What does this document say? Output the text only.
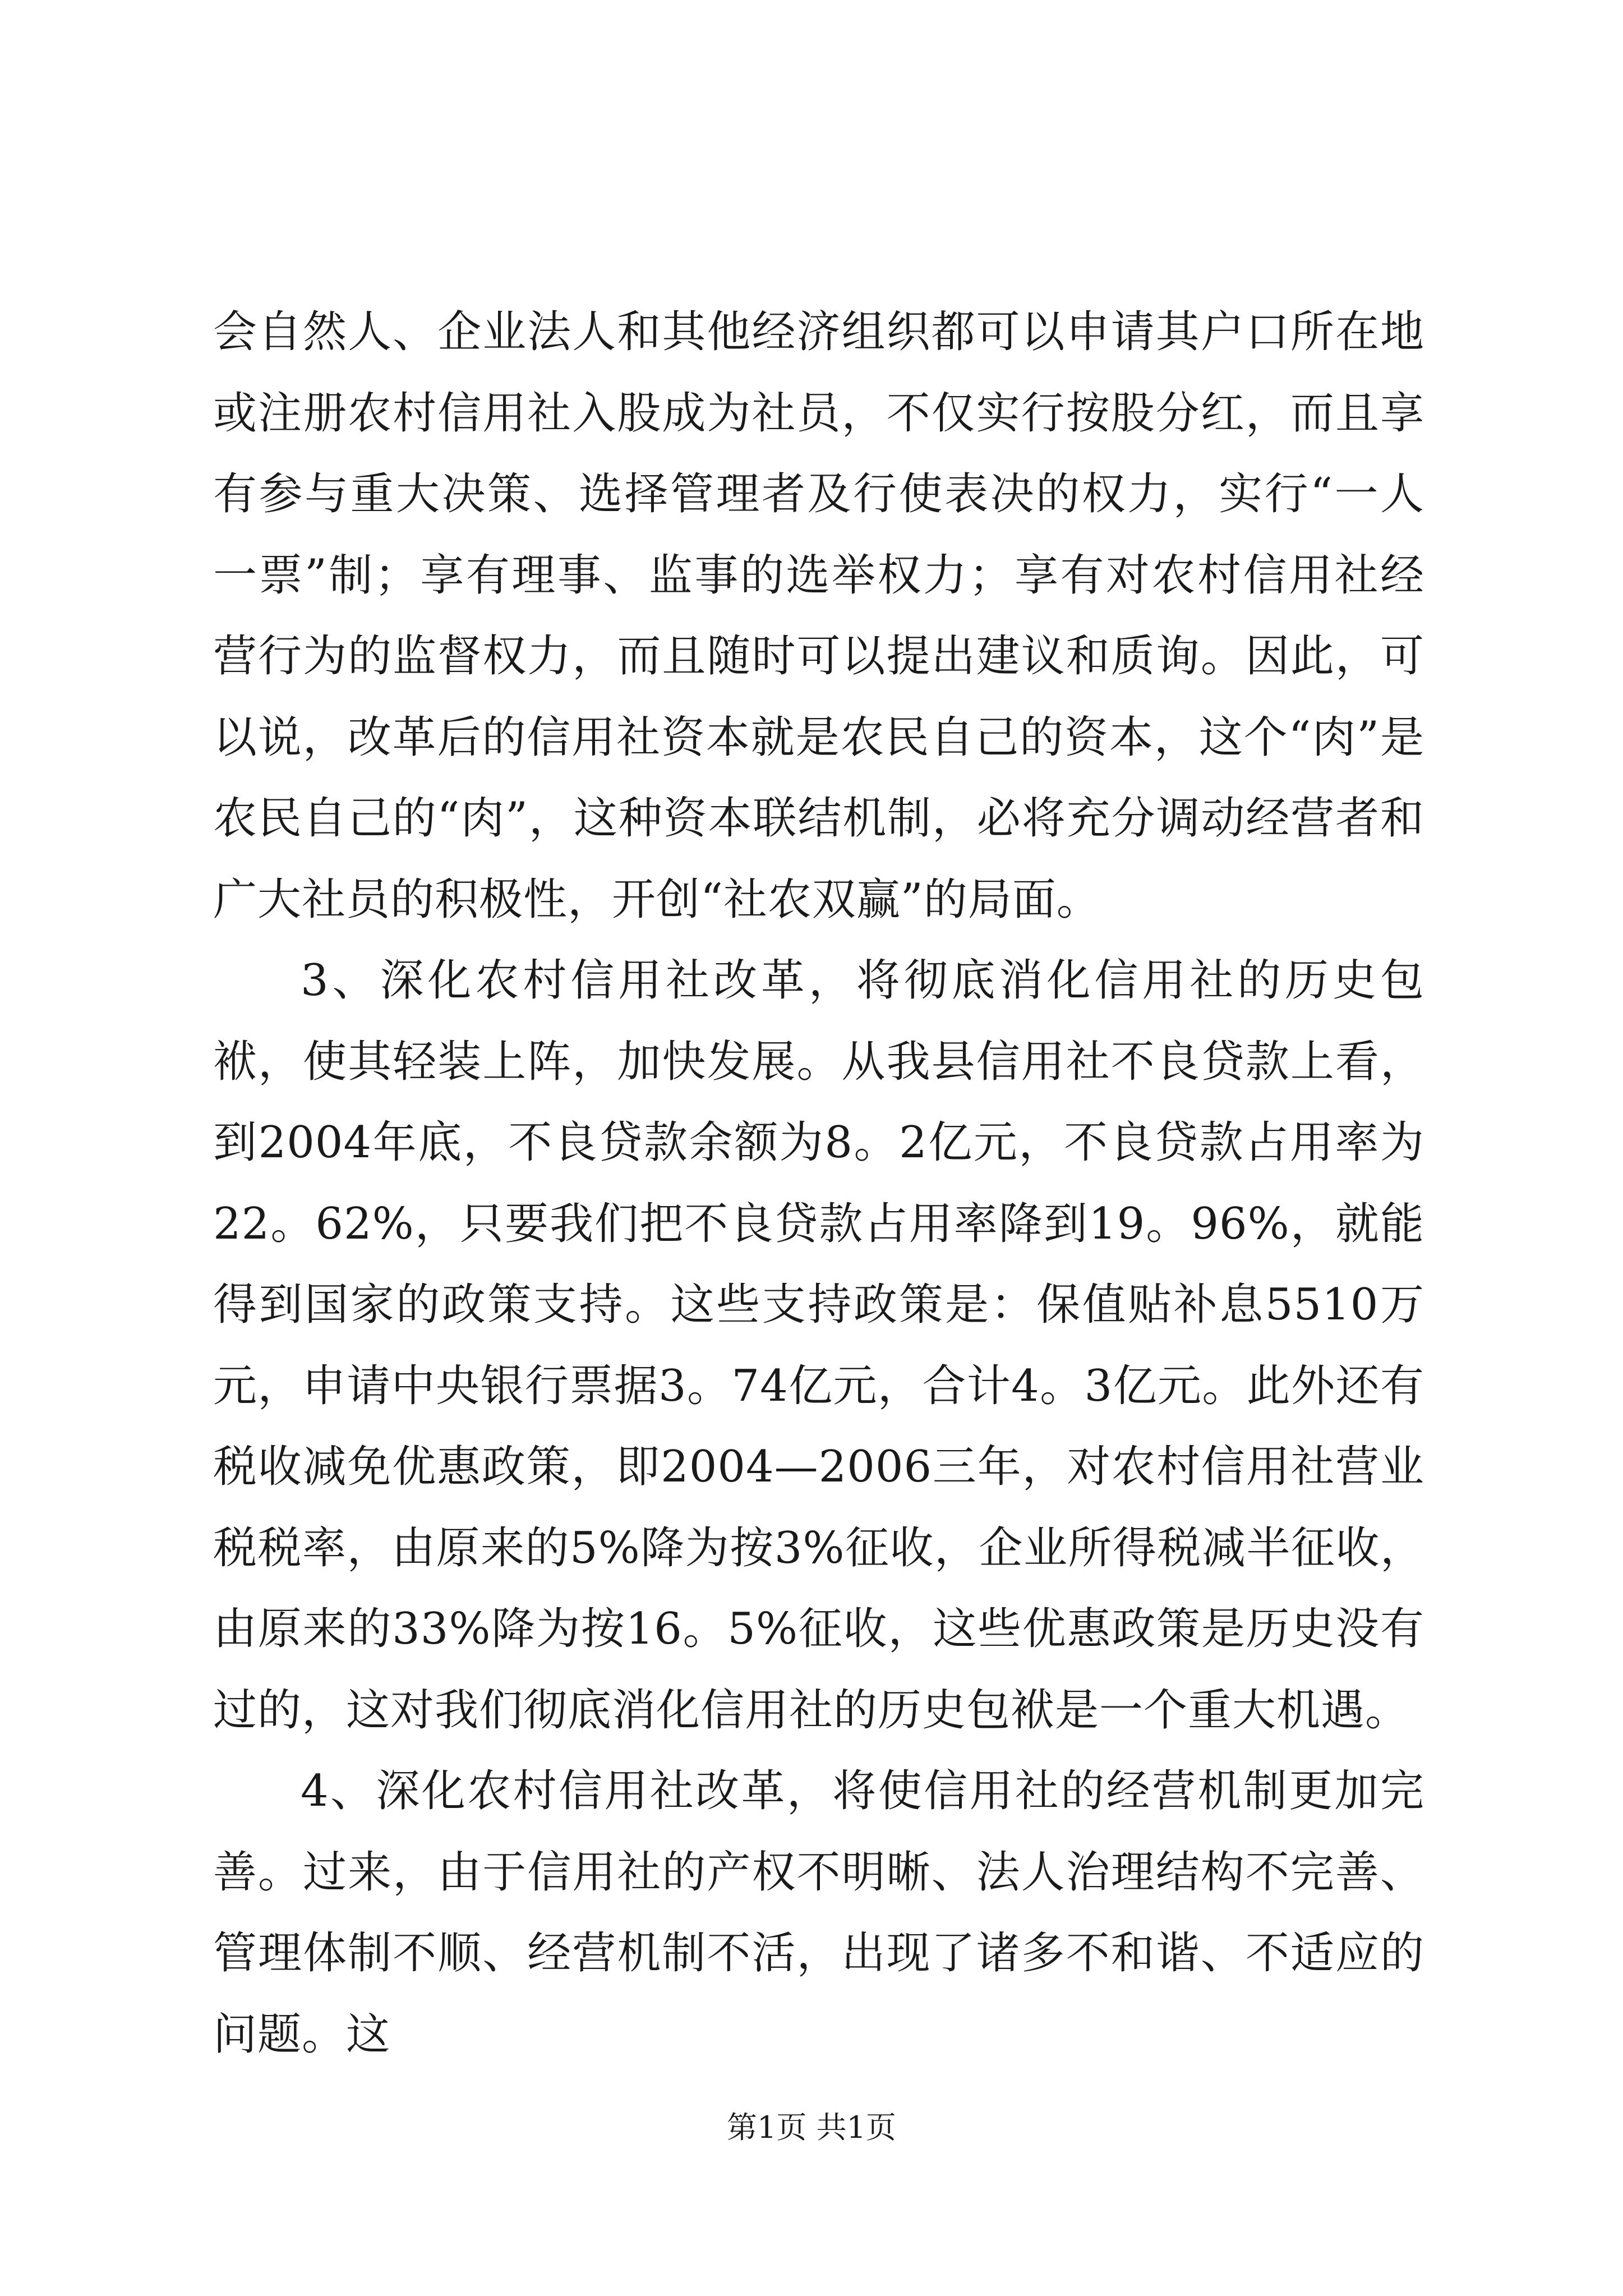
会自然人、企业法人和其他经济组织都可以申请其户口所在地或注册农村信用社入股成为社员，不仅实行按股分红，而且享有参与重大决策、选择管理者及行使表决的权力，实行“一人一票”制；享有理事、监事的选举权力；享有对农村信用社经营行为的监督权力，而且随时可以提出建议和质询。因此，可以说，改革后的信用社资本就是农民自己的资本，这个“肉”是农民自己的“肉”，这种资本联结机制，必将充分调动经营者和广大社员的积极性，开创“社农双赢”的局面。

3、深化农村信用社改革，将彻底消化信用社的历史包袱，使其轻装上阵，加快发展。从我县信用社不良贷款上看，到2004年底，不良贷款余额为8。2亿元，不良贷款占用率为22。62%，只要我们把不良贷款占用率降到19。96%，就能得到国家的政策支持。这些支持政策是：保值贴补息5510万元，申请中央银行票据3。74亿元，合计4。3亿元。此外还有税收减免优惠政策，即2004—2006三年，对农村信用社营业税税率，由原来的5%降为按3%征收，企业所得税减半征收，由原来的33%降为按16。5%征收，这些优惠政策是历史没有过的，这对我们彻底消化信用社的历史包袱是一个重大机遇。

4、深化农村信用社改革，将使信用社的经营机制更加完善。过来，由于信用社的产权不明晰、法人治理结构不完善、管理体制不顺、经营机制不活，出现了诸多不和谐、不适应的问题。这

第1页 共1页
